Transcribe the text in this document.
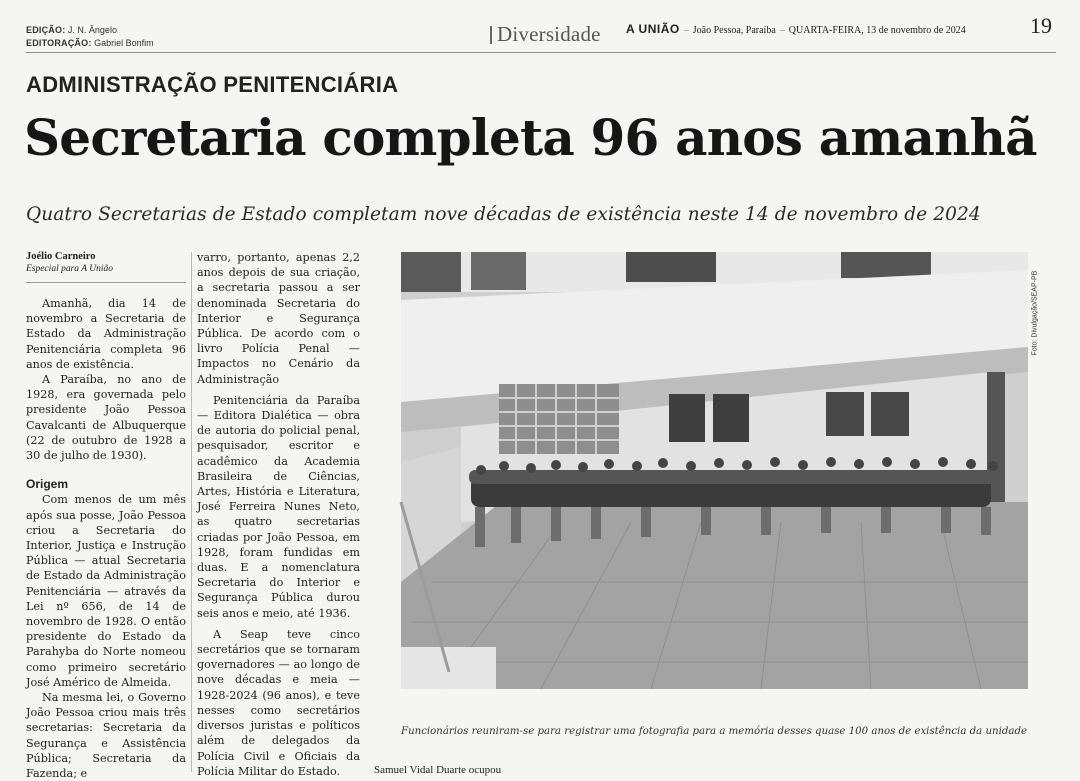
EDIÇÃO: J. N. Ângelo
EDITORAÇÃO: Gabriel Bonfim	Diversidade A UNIÃO – João Pessoa, Paraíba – QUARTA-FEIRA, 13 de novembro de 2024	19
ADMINISTRAÇÃO PENITENCIÁRIA
Secretaria completa 96 anos amanhã
Quatro Secretarias de Estado completam nove décadas de existência neste 14 de novembro de 2024
Joélio Carneiro
Especial para A União

Amanhã, dia 14 de novembro a Secretaria de Estado da Administração Penitenciária completa 96 anos de existência.

A Paraíba, no ano de 1928, era governada pelo presidente João Pessoa Cavalcanti de Albuquerque (22 de outubro de 1928 a 30 de julho de 1930).

Origem

Com menos de um mês após sua posse, João Pessoa criou a Secretaria do Interior, Justiça e Instrução Pública — atual Secretaria de Estado da Administração Penitenciária — através da Lei nº 656, de 14 de novembro de 1928. O então presidente do Estado da Parahyba do Norte nomeou como primeiro secretário José Américo de Almeida.

Na mesma lei, o Governo João Pessoa criou mais três secretarias: Secretaria da Segurança e Assistência Pública; Secretaria da Fazenda; e

varro, portanto, apenas 2,2 anos depois de sua criação, a secretaria passou a ser denominada Secretaria do Interior e Segurança Pública. De acordo com o livro Polícia Penal — Impactos no Cenário da Administração

Penitenciária da Paraíba — Editora Dialética — obra de autoria do policial penal, pesquisador, escritor e acadêmico da Academia Brasileira de Ciências, Artes, História e Literatura, José Ferreira Nunes Neto, as quatro secretarias criadas por João Pessoa, em 1928, foram fundidas em duas. E a nomenclatura Secretaria do Interior e Segurança Pública durou seis anos e meio, até 1936.

A Seap teve cinco secretários que se tornaram governadores — ao longo de nove décadas e meia — 1928-2024 (96 anos), e teve nesses como secretários diversos juristas e políticos além de delegados da Polícia Civil e Oficiais da Polícia Militar do Estado.

Foto: Divulgação/SEAP-PB
Funcionários reuniram-se para registrar uma fotografia para a memória desses quase 100 anos de existência da unidade
Samuel Vidal Duarte ocupou
